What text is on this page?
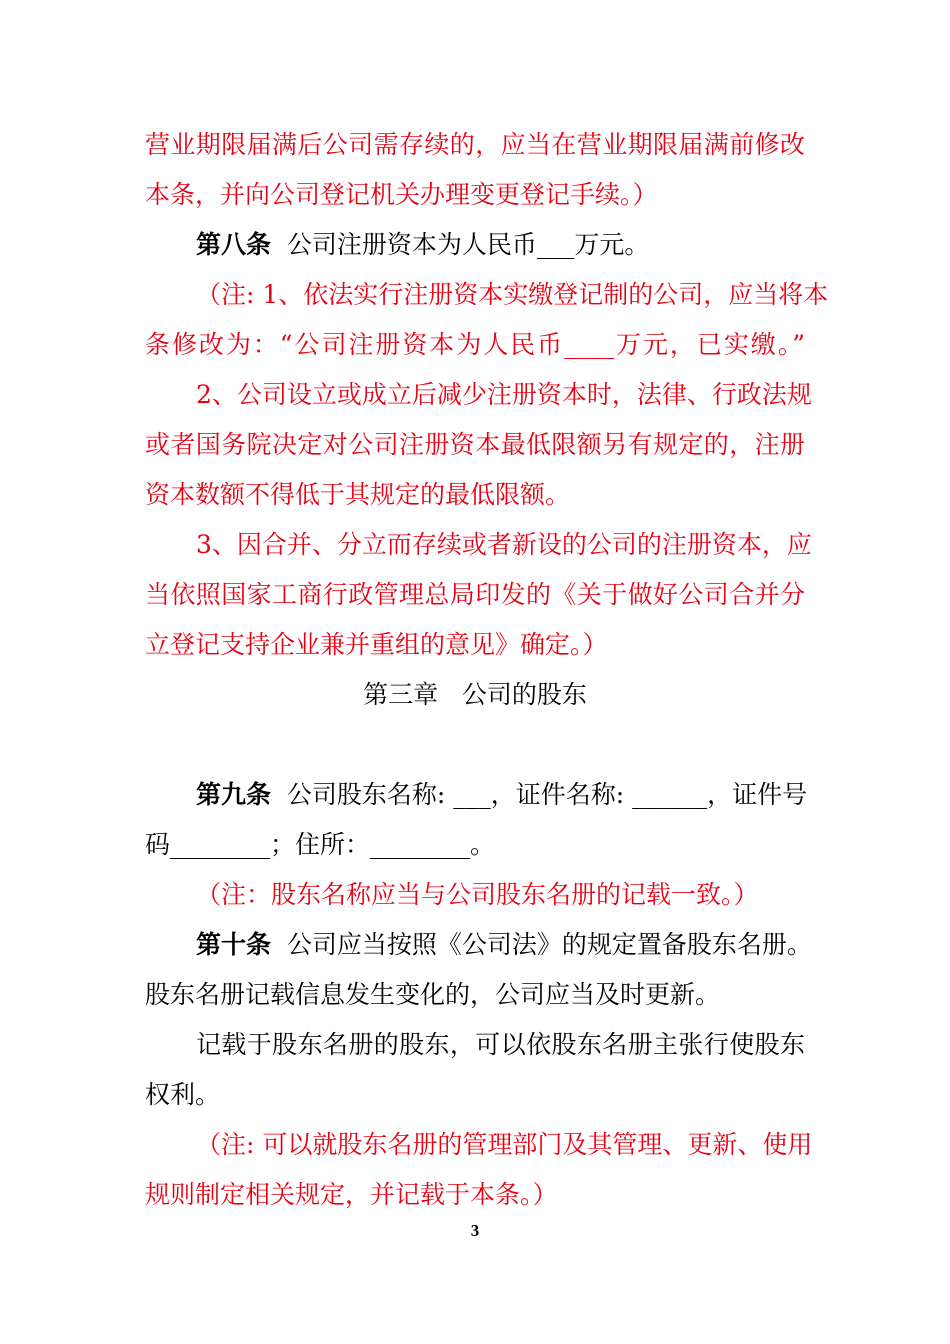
营业期限届满后公司需存续的，应当在营业期限届满前修改
本条，并向公司登记机关办理变更登记手续。）
第八条 公司注册资本为人民币___万元。
（注: 1、依法实行注册资本实缴登记制的公司，应当将本
条修改为：“公司注册资本为人民币____万元，已实缴。”
2、公司设立或成立后减少注册资本时，法律、行政法规
或者国务院决定对公司注册资本最低限额另有规定的，注册
资本数额不得低于其规定的最低限额。
3、因合并、分立而存续或者新设的公司的注册资本，应
当依照国家工商行政管理总局印发的《关于做好公司合并分
立登记支持企业兼并重组的意见》确定。）
第三章   公司的股东
第九条 公司股东名称: ___，证件名称: ______，证件号
码________；住所：________。
（注：股东名称应当与公司股东名册的记载一致。）
第十条 公司应当按照《公司法》的规定置备股东名册。
股东名册记载信息发生变化的，公司应当及时更新。
记载于股东名册的股东，可以依股东名册主张行使股东
权利。
（注: 可以就股东名册的管理部门及其管理、更新、使用
规则制定相关规定，并记载于本条。）
3
